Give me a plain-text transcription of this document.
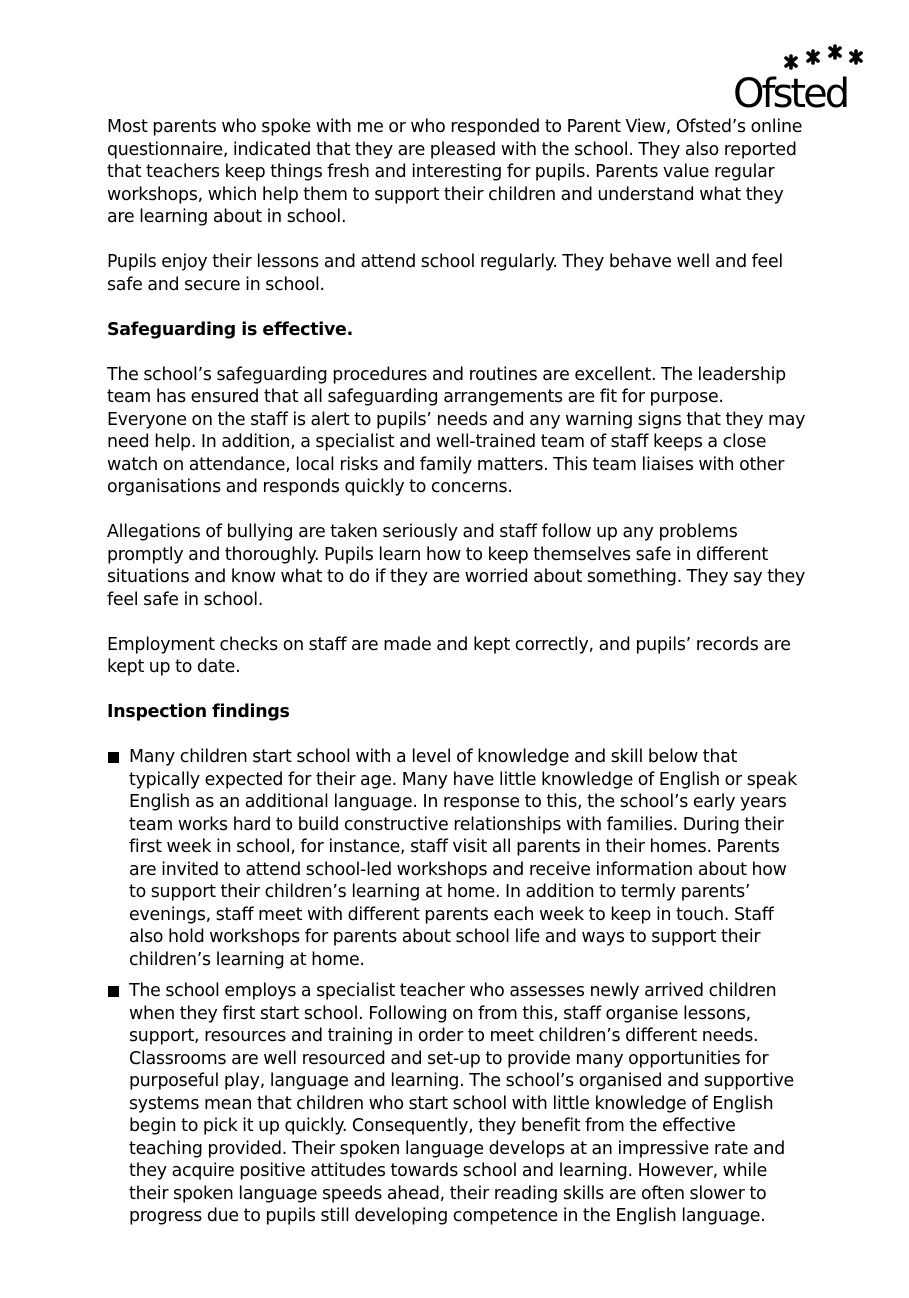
Ofsted

Most parents who spoke with me or who responded to Parent View, Ofsted’s online questionnaire, indicated that they are pleased with the school. They also reported that teachers keep things fresh and interesting for pupils. Parents value regular workshops, which help them to support their children and understand what they are learning about in school.

Pupils enjoy their lessons and attend school regularly. They behave well and feel safe and secure in school.

Safeguarding is effective.

The school’s safeguarding procedures and routines are excellent. The leadership team has ensured that all safeguarding arrangements are fit for purpose. Everyone on the staff is alert to pupils’ needs and any warning signs that they may need help. In addition, a specialist and well-trained team of staff keeps a close watch on attendance, local risks and family matters. This team liaises with other organisations and responds quickly to concerns.

Allegations of bullying are taken seriously and staff follow up any problems promptly and thoroughly. Pupils learn how to keep themselves safe in different situations and know what to do if they are worried about something. They say they feel safe in school.

Employment checks on staff are made and kept correctly, and pupils’ records are kept up to date.

Inspection findings
Many children start school with a level of knowledge and skill below that typically expected for their age. Many have little knowledge of English or speak English as an additional language. In response to this, the school’s early years team works hard to build constructive relationships with families. During their first week in school, for instance, staff visit all parents in their homes. Parents are invited to attend school-led workshops and receive information about how to support their children’s learning at home. In addition to termly parents’ evenings, staff meet with different parents each week to keep in touch. Staff also hold workshops for parents about school life and ways to support their children’s learning at home.
The school employs a specialist teacher who assesses newly arrived children when they first start school. Following on from this, staff organise lessons, support, resources and training in order to meet children’s different needs. Classrooms are well resourced and set-up to provide many opportunities for purposeful play, language and learning. The school’s organised and supportive systems mean that children who start school with little knowledge of English begin to pick it up quickly. Consequently, they benefit from the effective teaching provided. Their spoken language develops at an impressive rate and they acquire positive attitudes towards school and learning. However, while their spoken language speeds ahead, their reading skills are often slower to progress due to pupils still developing competence in the English language.
